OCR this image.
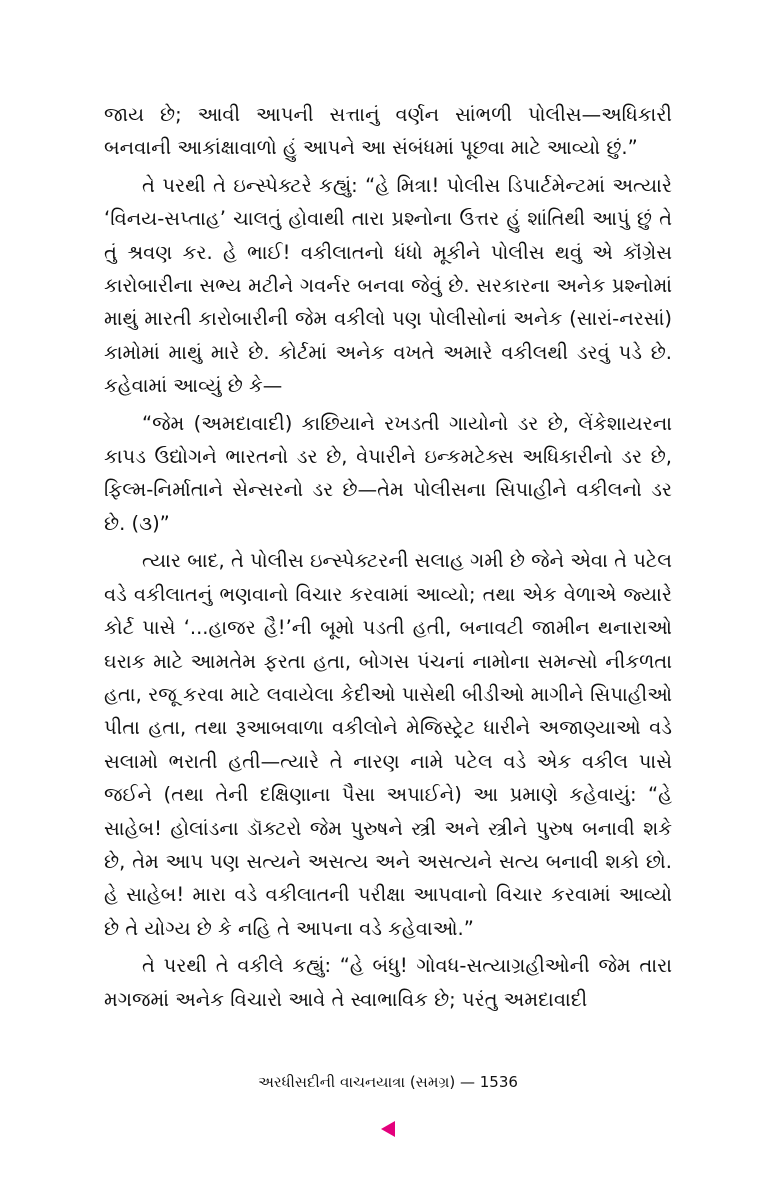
જાય છે; આવી આપની સત્તાનું વર્ણન સાંભળી પોલીસ—અધિકારી બનવાની આકાંક્ષાવાળો હું આપને આ સંબંધમાં પૂછવા માટે આવ્યો છું.”

તે પરથી તે ઇન્સ્પેક્ટરે કહ્યું: “હે મિત્રા! પોલીસ ડિપાર્ટમેન્ટમાં અત્યારે ‘વિનય-સપ્તાહ’ ચાલતું હોવાથી તારા પ્રશ્નોના ઉત્તર હું શાંતિથી આપું છું તે તું શ્રવણ કર. હે ભાઈ! વકીલાતનો ધંધો મૂકીને પોલીસ થવું એ કૉંગ્રેસ કારોબારીના સભ્ય મટીને ગવર્નર બનવા જેવું છે. સરકારના અનેક પ્રશ્નોમાં માથું મારતી કારોબારીની જેમ વકીલો પણ પોલીસોનાં અનેક (સારાં-નરસાં) કામોમાં માથું મારે છે. કોર્ટમાં અનેક વખતે અમારે વકીલથી ડરવું પડે છે. કહેવામાં આવ્યું છે કે—

“જેમ (અમદાવાદી) કાછિયાને રખડતી ગાયોનો ડર છે, લેંકેશાયરના કાપડ ઉદ્યોગને ભારતનો ડર છે, વેપારીને ઇન્કમટેક્સ અધિકારીનો ડર છે, ફિલ્મ-નિર્માતાને સેન્સરનો ડર છે—તેમ પોલીસના સિપાહીને વકીલનો ડર છે. (૩)”

ત્યાર બાદ, તે પોલીસ ઇન્સ્પેક્ટરની સલાહ ગમી છે જેને એવા તે પટેલ વડે વકીલાતનું ભણવાનો વિચાર કરવામાં આવ્યો; તથા એક વેળાએ જ્યારે કોર્ટ પાસે ‘...હાજર હૈ!’ની બૂમો પડતી હતી, બનાવટી જામીન થનારાઓ ઘરાક માટે આમતેમ ફરતા હતા, બોગસ પંચનાં નામોના સમન્સો નીકળતા હતા, રજૂ કરવા માટે લવાયેલા કેદીઓ પાસેથી બીડીઓ માગીને સિપાહીઓ પીતા હતા, તથા રૂઆબવાળા વકીલોને મેજિસ્ટ્રેટ ધારીને અજાણ્યાઓ વડે સલામો ભરાતી હતી—ત્યારે તે નારણ નામે પટેલ વડે એક વકીલ પાસે જઈને (તથા તેની દક્ષિણાના પૈસા અપાઈને) આ પ્રમાણે કહેવાયું: “હે સાહેબ! હોલાંડના ડૉક્ટરો જેમ પુરુષને સ્ત્રી અને સ્ત્રીને પુરુષ બનાવી શકે છે, તેમ આપ પણ સત્યને અસત્ય અને અસત્યને સત્ય બનાવી શકો છો. હે સાહેબ! મારા વડે વકીલાતની પરીક્ષા આપવાનો વિચાર કરવામાં આવ્યો છે તે યોગ્ય છે કે નહિ તે આપના વડે કહેવાઓ.”

તે પરથી તે વકીલે કહ્યું: “હે બંધુ! ગોવધ-સત્યાગ્રહીઓની જેમ તારા મગજમાં અનેક વિચારો આવે તે સ્વાભાવિક છે; પરંતુ અમદાવાદી

અરધીસદીની વાચનયાત્રા (સમગ્ર) — 1536
